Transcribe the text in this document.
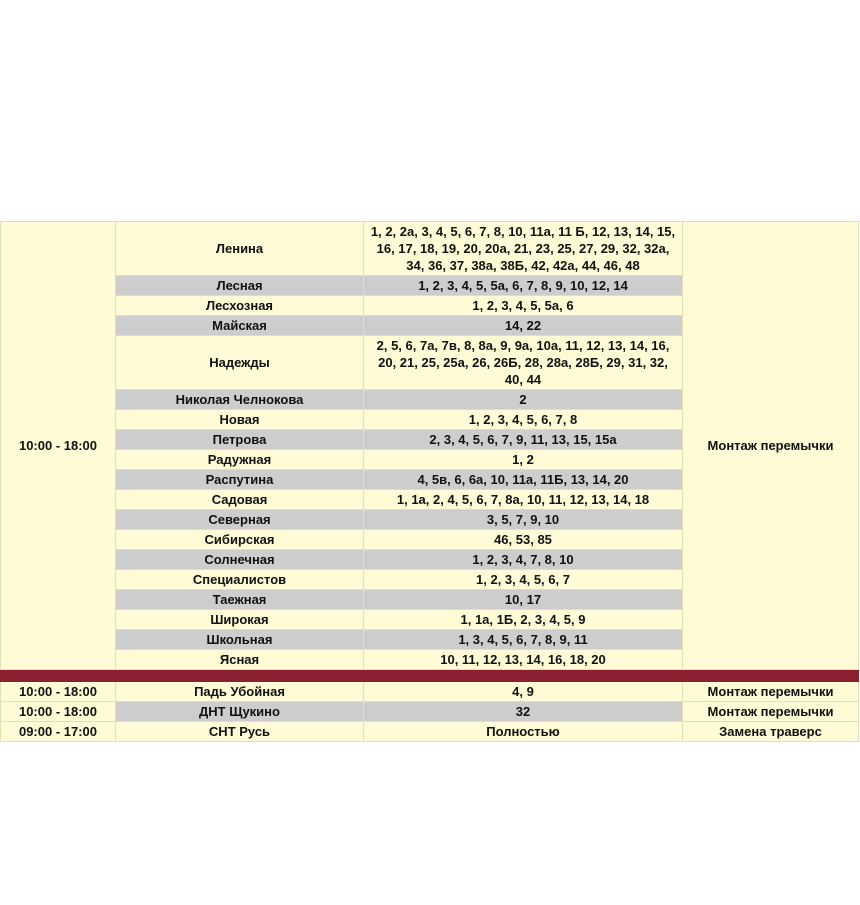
10:00 - 18:00	Ленина	1, 2, 2а, 3, 4, 5, 6, 7, 8, 10, 11а, 11 Б, 12, 13, 14, 15, 16, 17, 18, 19, 20, 20а, 21, 23, 25, 27, 29, 32, 32а, 34, 36, 37, 38а, 38Б, 42, 42а, 44, 46, 48	Монтаж перемычки
	Лесная	1, 2, 3, 4, 5, 5а, 6, 7, 8, 9, 10, 12, 14	
	Лесхозная	1, 2, 3, 4, 5, 5а, 6	
	Майская	14, 22	
	Надежды	2, 5, 6, 7а, 7в, 8, 8а, 9, 9а, 10а, 11, 12, 13, 14, 16, 20, 21, 25, 25а, 26, 26Б, 28, 28а, 28Б, 29, 31, 32, 40, 44	
	Николая Челнокова	2	
	Новая	1, 2, 3, 4, 5, 6, 7, 8	
	Петрова	2, 3, 4, 5, 6, 7, 9, 11, 13, 15, 15а	
	Радужная	1, 2	
	Распутина	4, 5в, 6, 6а, 10, 11а, 11Б, 13, 14, 20	
	Садовая	1, 1а, 2, 4, 5, 6, 7, 8а, 10, 11, 12, 13, 14, 18	
	Северная	3, 5, 7, 9, 10	
	Сибирская	46, 53, 85	
	Солнечная	1, 2, 3, 4, 7, 8, 10	
	Специалистов	1, 2, 3, 4, 5, 6, 7	
	Таежная	10, 17	
	Широкая	1, 1а, 1Б, 2, 3, 4, 5, 9	
	Школьная	1, 3, 4, 5, 6, 7, 8, 9, 11	
	Ясная	10, 11, 12, 13, 14, 16, 18, 20	

10:00 - 18:00	Падь Убойная	4, 9	Монтаж перемычки
10:00 - 18:00	ДНТ Щукино	32	Монтаж перемычки
09:00 - 17:00	СНТ Русь	Полностью	Замена траверс
